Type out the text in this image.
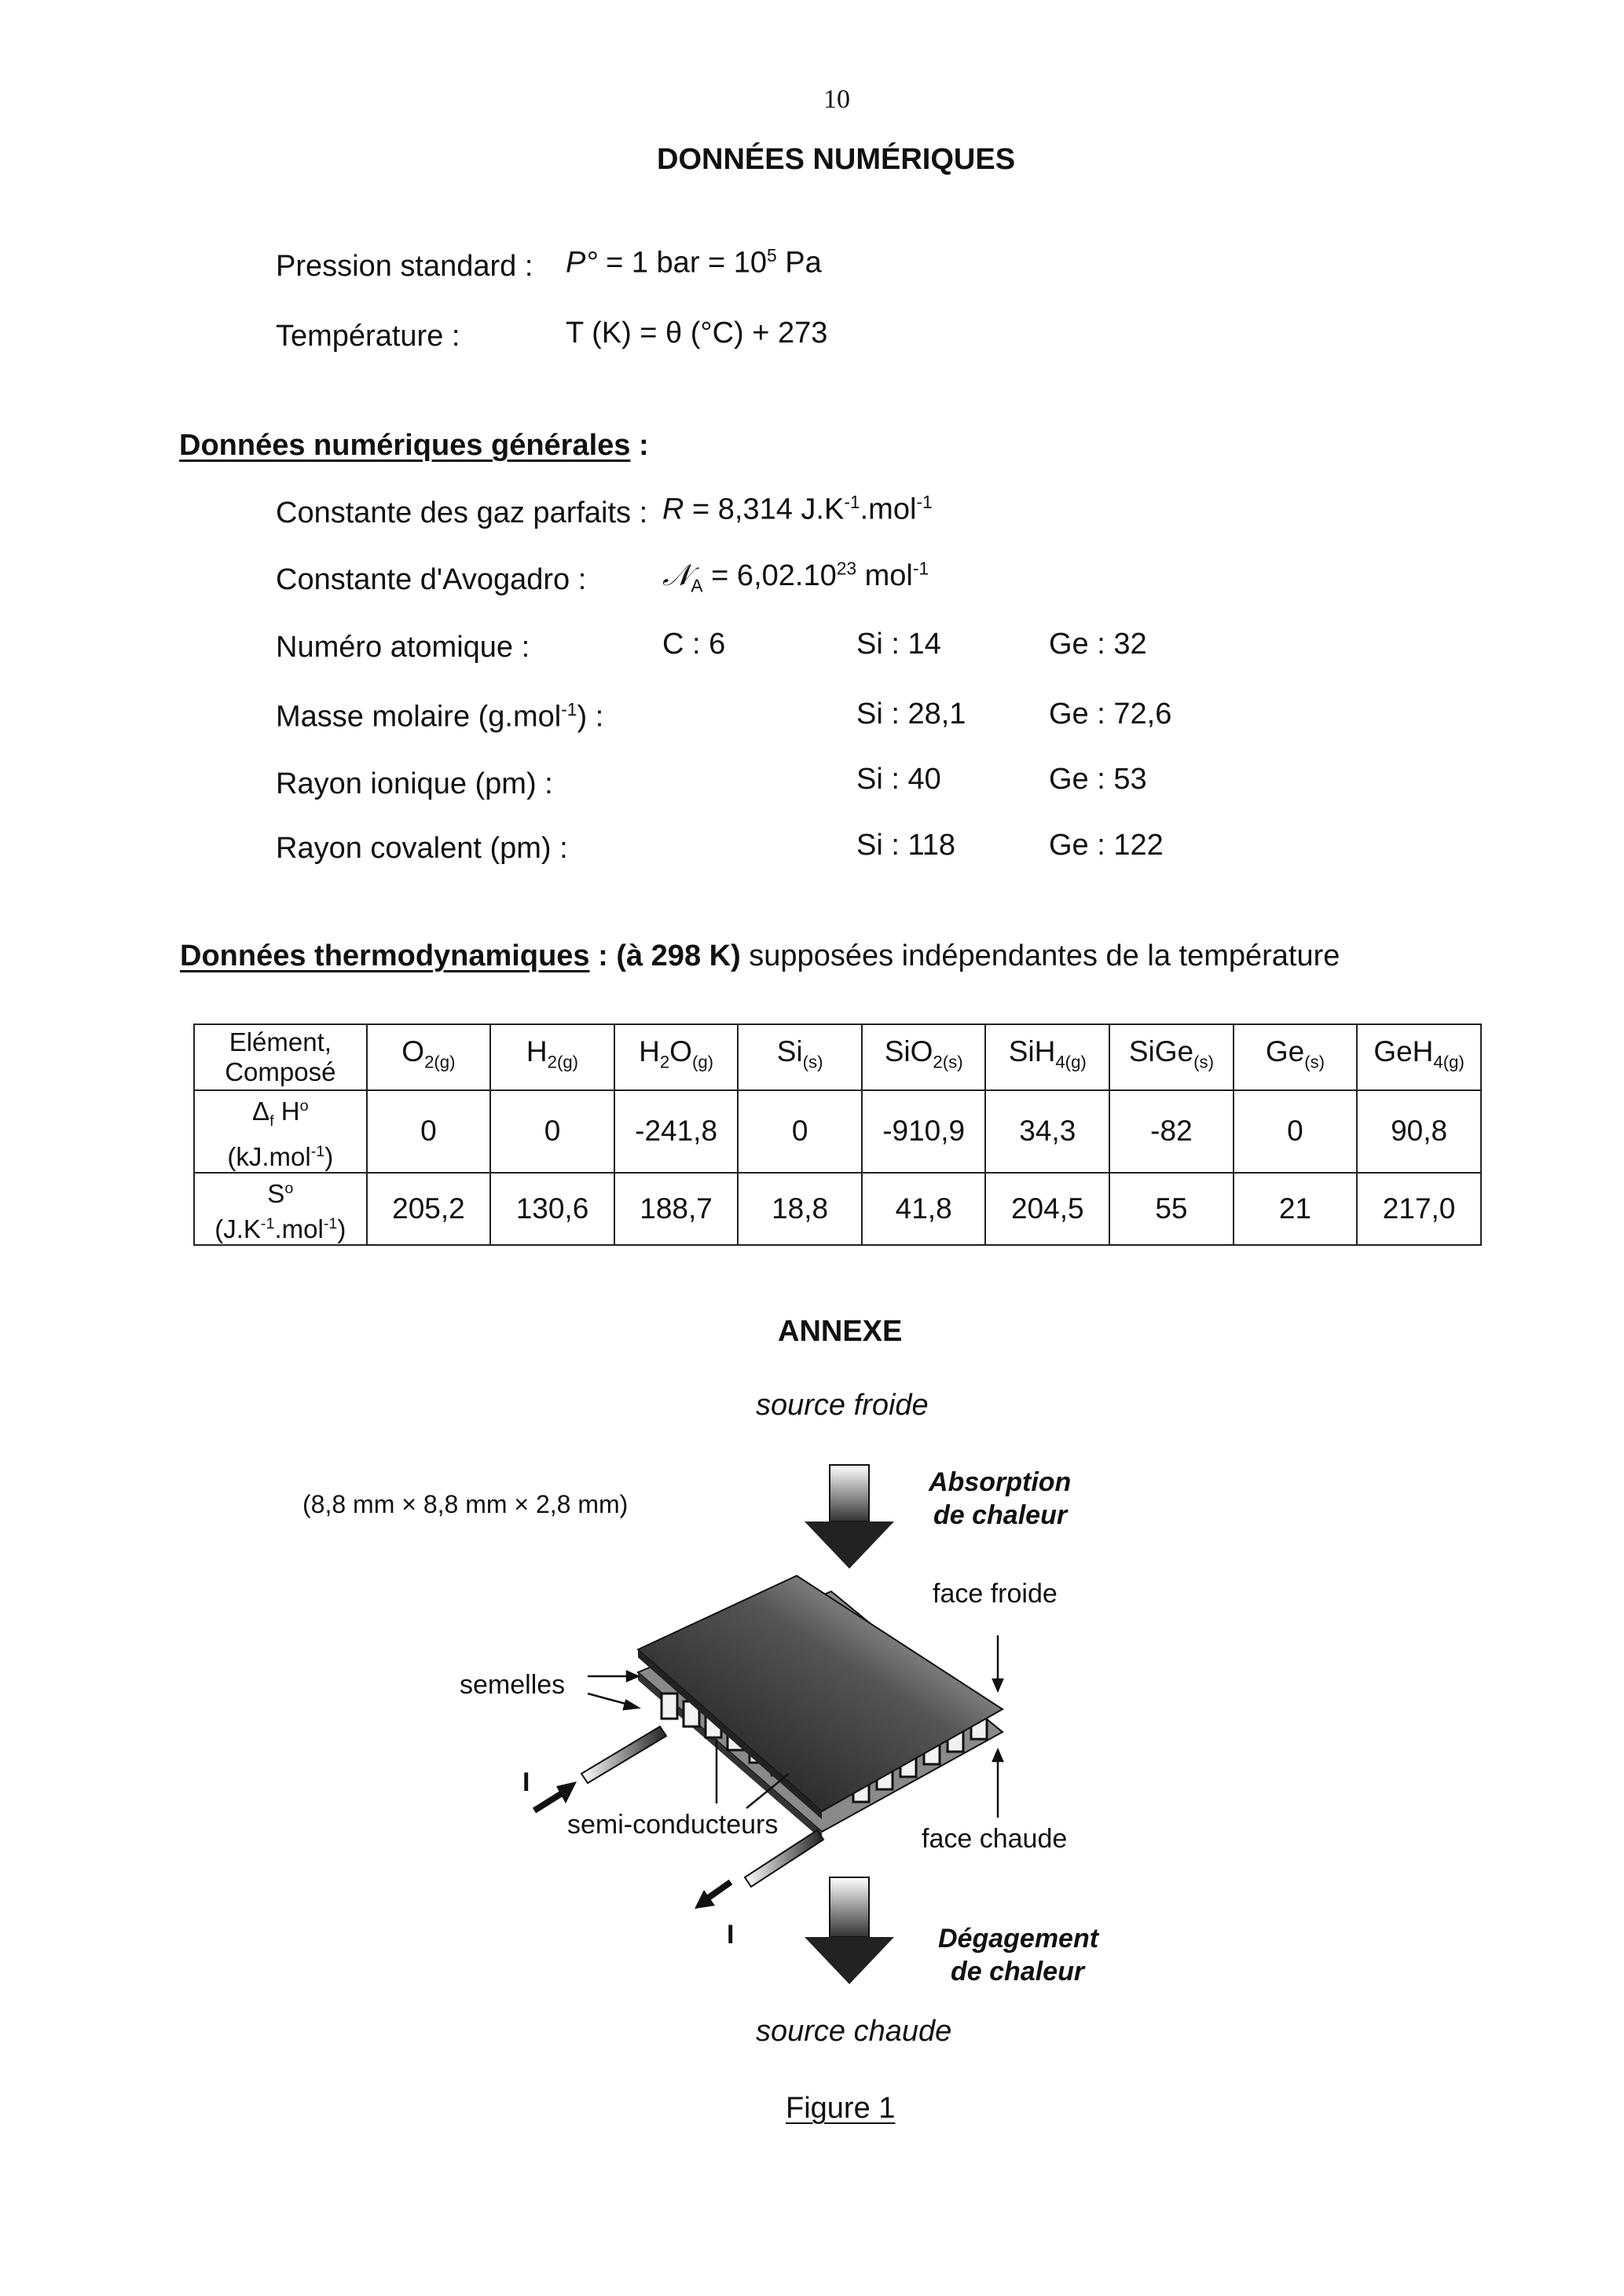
10
DONNÉES NUMÉRIQUES
Pression standard : P° = 1 bar = $10^5$ Pa
Température :	T (K) = θ (°C) + 273
Données numériques générales :
Constante des gaz parfaits : R = 8,314 $J.K^{-1}.mol^{-1}$
Constante d'Avogadro :	𝒩$_A$ = $6,02.10^{23}$ mol$^{-1}$
Numéro atomique :	C : 6	Si : 14	Ge : 32
Masse molaire (g.mol$^{-1}$) :	Si : 28,1	Ge : 72,6
Rayon ionique (pm) :	Si : 40	Ge : 53
Rayon covalent (pm) :	Si : 118	Ge : 122
Données thermodynamiques : (à 298 K) supposées indépendantes de la température
Elément,
Composé	$O_{2(g)}$	$H_{2(g)}$	$H_2O_{(g)}$	$Si_{(s)}$	SiO$_{2(s)}$	SiH$_{4(g)}$	SiGe$_{(s)}$	$Ge_{(s)}$	GeH$_{4(g)}$

$\Delta_f$ $H^o$
(kJ.mol$^{-1}$)	0	0	-241,8	0	-910,9	34,3	-82	0	90,8

$S^o$
$(J.K^{-1}.mol^{-1})$	205,2	130,6	188,7	18,8	41,8	204,5	55	21	217,0
ANNEXE
source froide
(8,8 mm × 8,8 mm × 2,8 mm)
Absorption
de chaleur
face froide
semelles
I
semi-conducteurs	face chaude
I	Dégagement
de chaleur
source chaude
Figure 1
